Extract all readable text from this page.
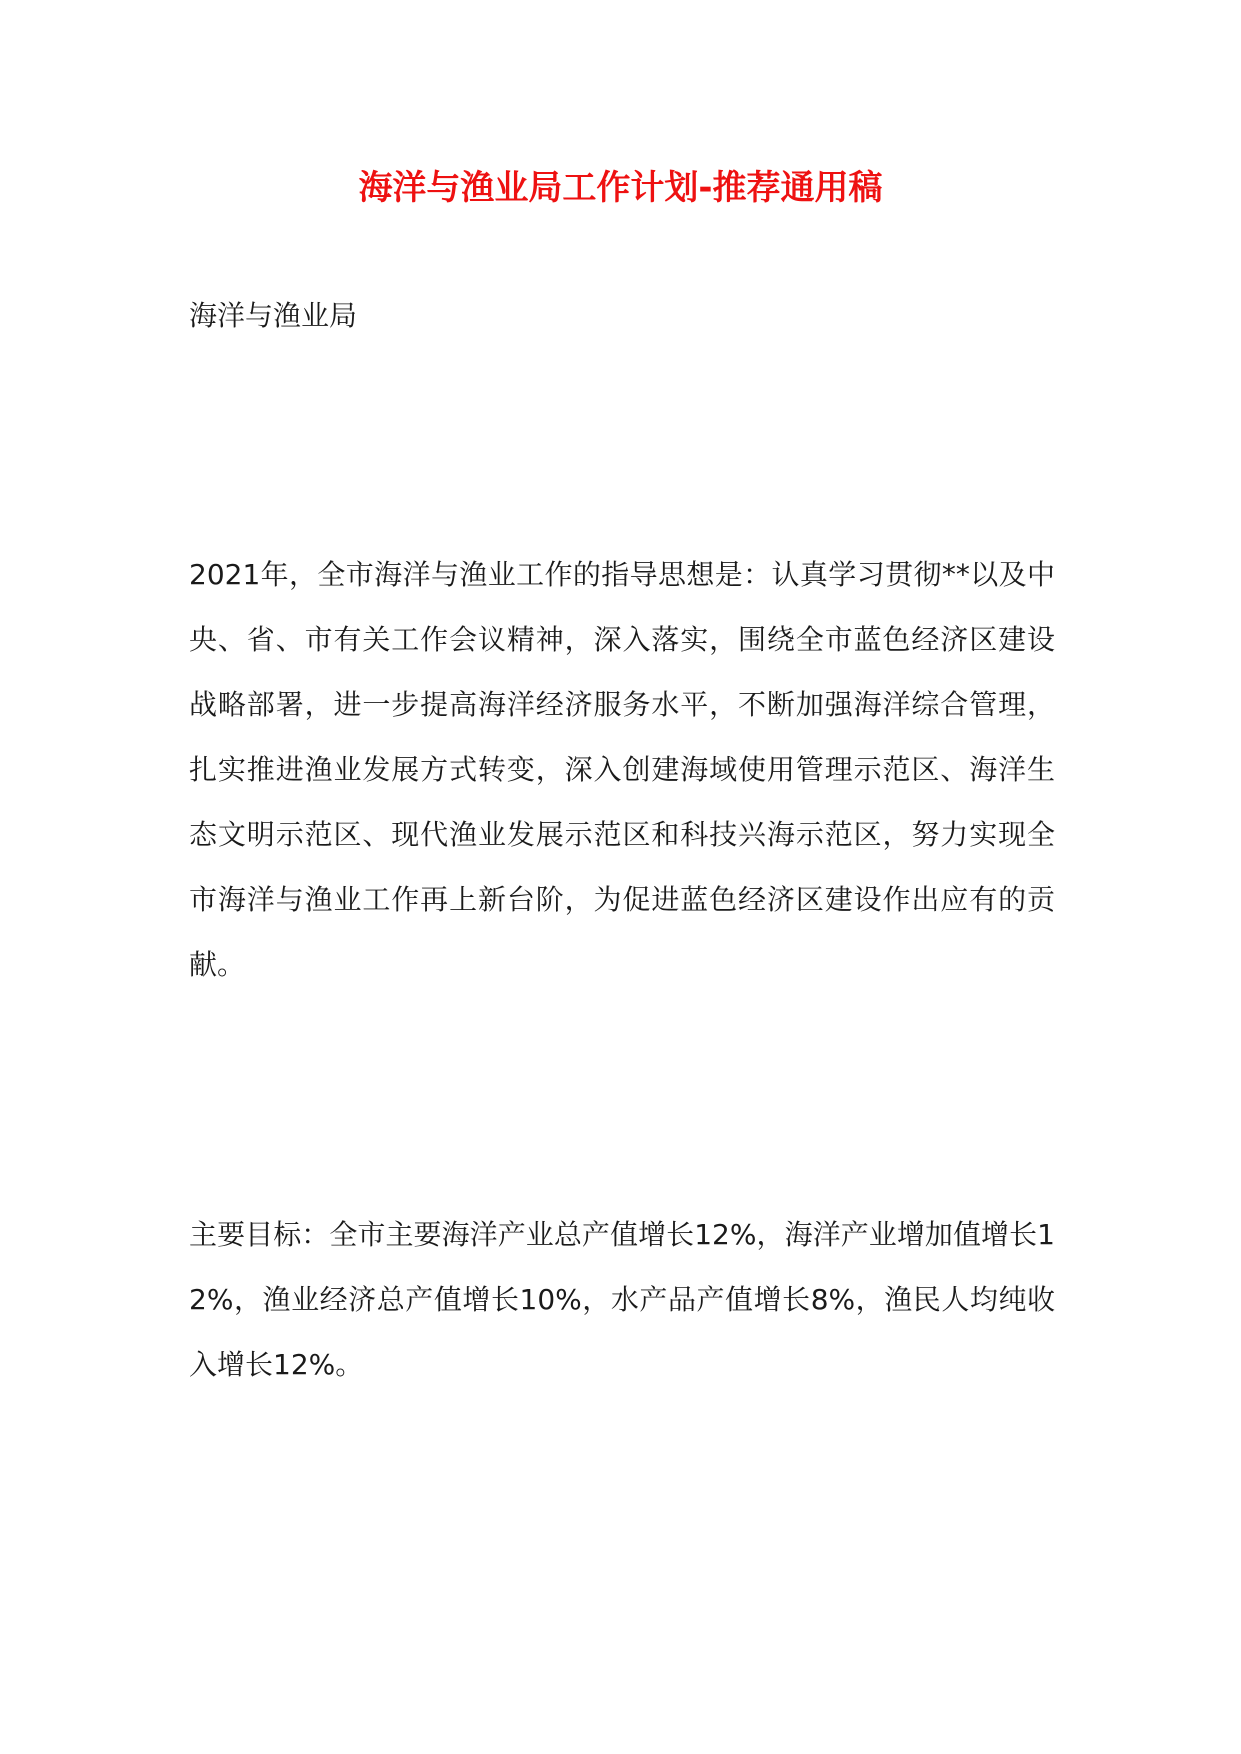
海洋与渔业局工作计划-推荐通用稿

海洋与渔业局

2021年，全市海洋与渔业工作的指导思想是：认真学习贯彻**以及中央、省、市有关工作会议精神，深入落实，围绕全市蓝色经济区建设战略部署，进一步提高海洋经济服务水平，不断加强海洋综合管理，扎实推进渔业发展方式转变，深入创建海域使用管理示范区、海洋生态文明示范区、现代渔业发展示范区和科技兴海示范区，努力实现全市海洋与渔业工作再上新台阶，为促进蓝色经济区建设作出应有的贡献。

主要目标：全市主要海洋产业总产值增长12%，海洋产业增加值增长12%，渔业经济总产值增长10%，水产品产值增长8%，渔民人均纯收入增长12%。
